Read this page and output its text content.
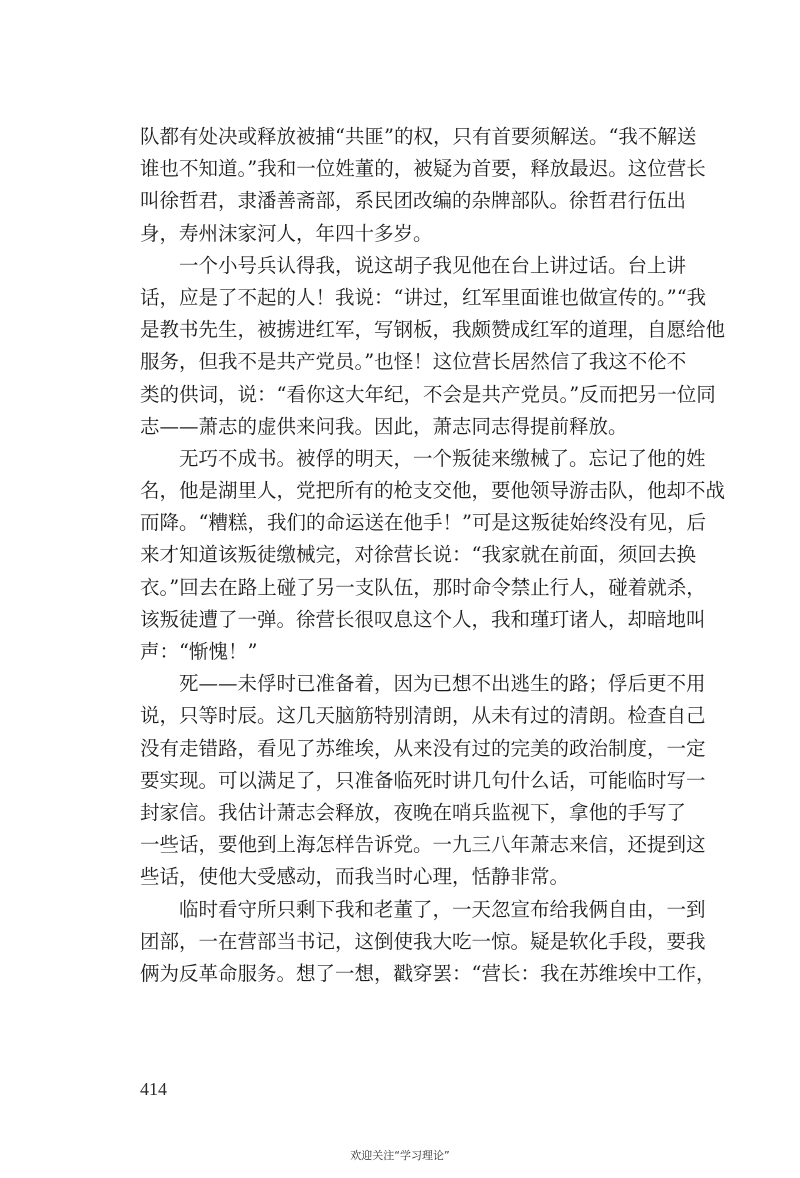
队都有处决或释放被捕“共匪”的权，只有首要须解送。“我不解送
谁也不知道。”我和一位姓董的，被疑为首要，释放最迟。这位营长
叫徐哲君，隶潘善斋部，系民团改编的杂牌部队。徐哲君行伍出
身，寿州沫家河人，年四十多岁。
一个小号兵认得我，说这胡子我见他在台上讲过话。台上讲
话，应是了不起的人！我说：“讲过，红军里面谁也做宣传的。”“我
是教书先生，被掳进红军，写钢板，我颇赞成红军的道理，自愿给他
服务，但我不是共产党员。”也怪！这位营长居然信了我这不伦不
类的供词，说：“看你这大年纪，不会是共产党员。”反而把另一位同
志——萧志的虚供来问我。因此，萧志同志得提前释放。
无巧不成书。被俘的明天，一个叛徒来缴械了。忘记了他的姓
名，他是湖里人，党把所有的枪支交他，要他领导游击队，他却不战
而降。“糟糕，我们的命运送在他手！”可是这叛徒始终没有见，后
来才知道该叛徒缴械完，对徐营长说：“我家就在前面，须回去换
衣。”回去在路上碰了另一支队伍，那时命令禁止行人，碰着就杀，
该叛徒遭了一弹。徐营长很叹息这个人，我和瑾玎诸人，却暗地叫
声：“惭愧！”
死——未俘时已准备着，因为已想不出逃生的路；俘后更不用
说，只等时辰。这几天脑筋特别清朗，从未有过的清朗。检查自己
没有走错路，看见了苏维埃，从来没有过的完美的政治制度，一定
要实现。可以满足了，只准备临死时讲几句什么话，可能临时写一
封家信。我估计萧志会释放，夜晚在哨兵监视下，拿他的手写了
一些话，要他到上海怎样告诉党。一九三八年萧志来信，还提到这
些话，使他大受感动，而我当时心理，恬静非常。
临时看守所只剩下我和老董了，一天忽宣布给我俩自由，一到
团部，一在营部当书记，这倒使我大吃一惊。疑是软化手段，要我
俩为反革命服务。想了一想，戳穿罢：“营长：我在苏维埃中工作，
414
欢迎关注“学习理论”
